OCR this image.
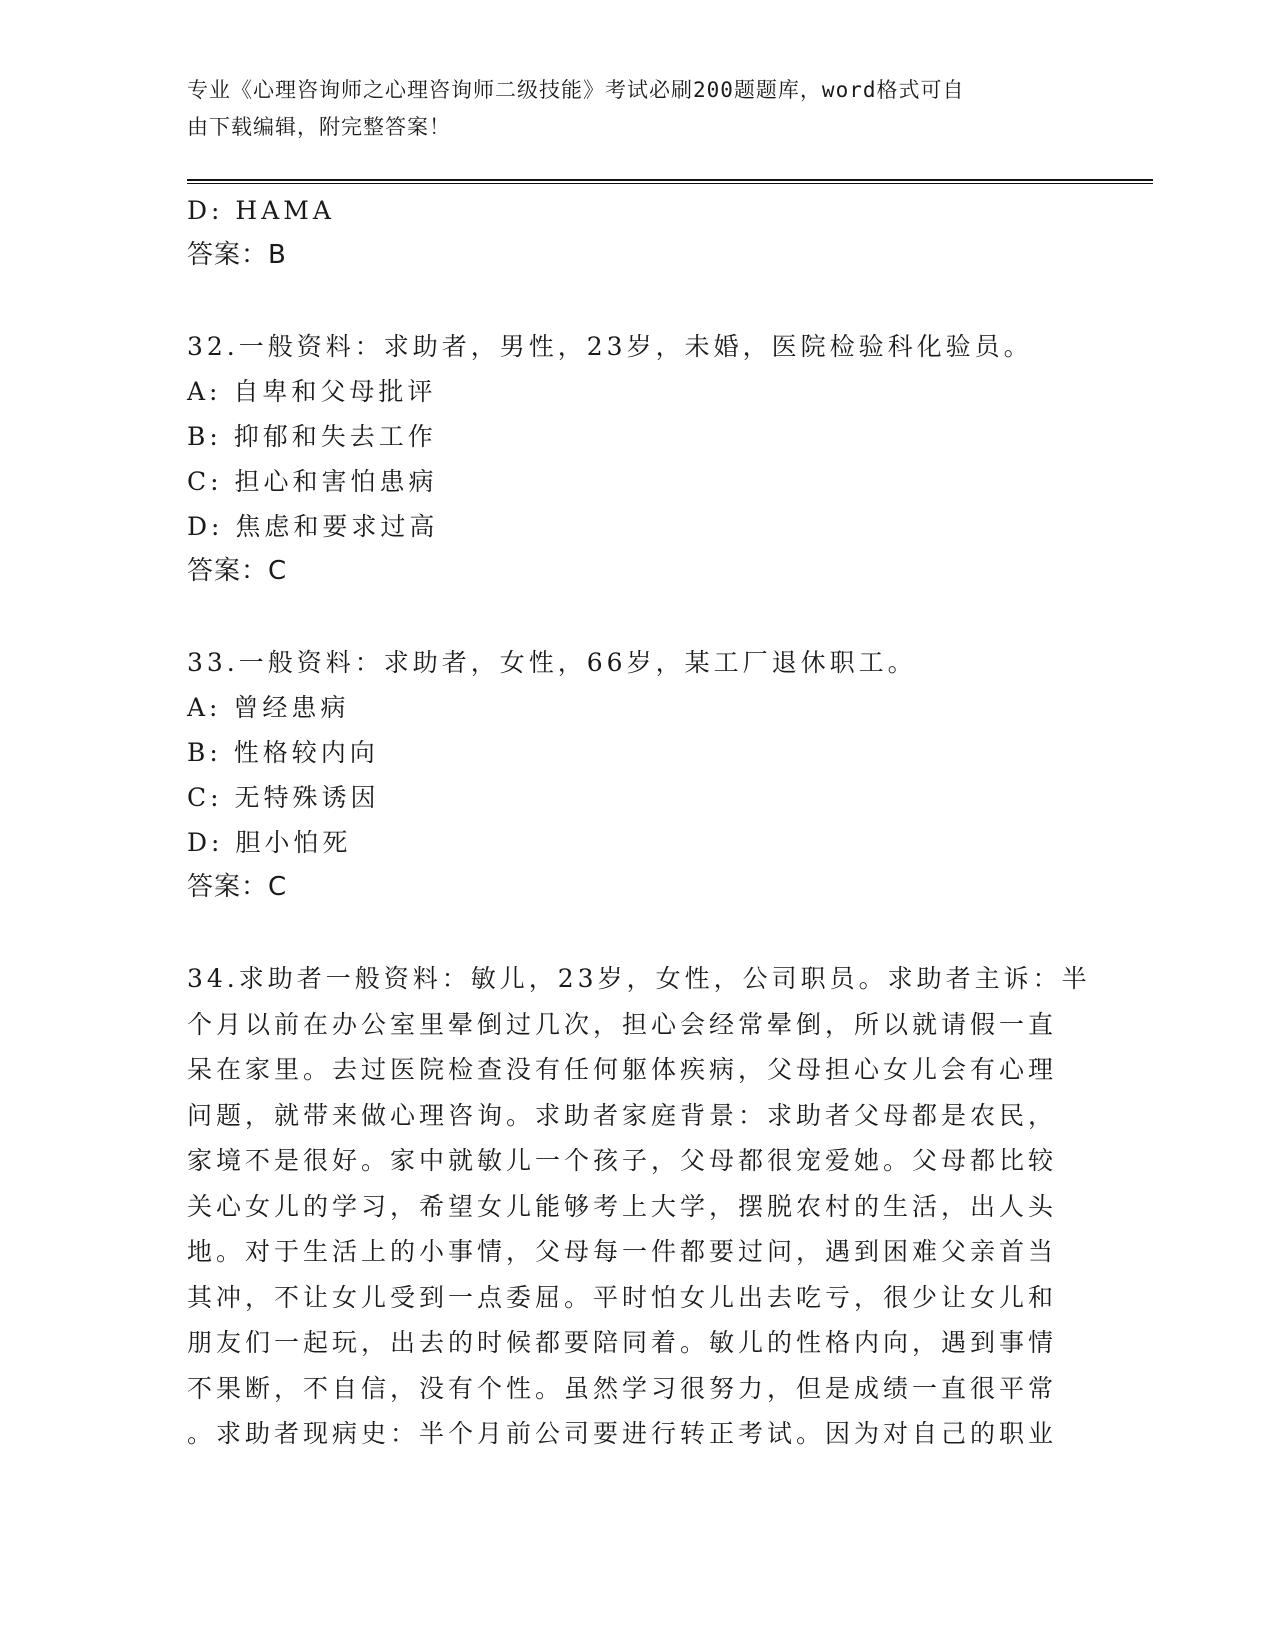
专业《心理咨询师之心理咨询师二级技能》考试必刷200题题库，word格式可自
由下载编辑，附完整答案！
D: HAMA
答案：B
32.一般资料：求助者，男性，23岁，未婚，医院检验科化验员。
A: 自卑和父母批评
B: 抑郁和失去工作
C: 担心和害怕患病
D: 焦虑和要求过高
答案：C
33.一般资料：求助者，女性，66岁，某工厂退休职工。
A: 曾经患病
B: 性格较内向
C: 无特殊诱因
D: 胆小怕死
答案：C
34.求助者一般资料：敏儿，23岁，女性，公司职员。求助者主诉：半
个月以前在办公室里晕倒过几次，担心会经常晕倒，所以就请假一直
呆在家里。去过医院检查没有任何躯体疾病，父母担心女儿会有心理
问题，就带来做心理咨询。求助者家庭背景：求助者父母都是农民，
家境不是很好。家中就敏儿一个孩子，父母都很宠爱她。父母都比较
关心女儿的学习，希望女儿能够考上大学，摆脱农村的生活，出人头
地。对于生活上的小事情，父母每一件都要过问，遇到困难父亲首当
其冲，不让女儿受到一点委屈。平时怕女儿出去吃亏，很少让女儿和
朋友们一起玩，出去的时候都要陪同着。敏儿的性格内向，遇到事情
不果断，不自信，没有个性。虽然学习很努力，但是成绩一直很平常
。求助者现病史：半个月前公司要进行转正考试。因为对自己的职业
